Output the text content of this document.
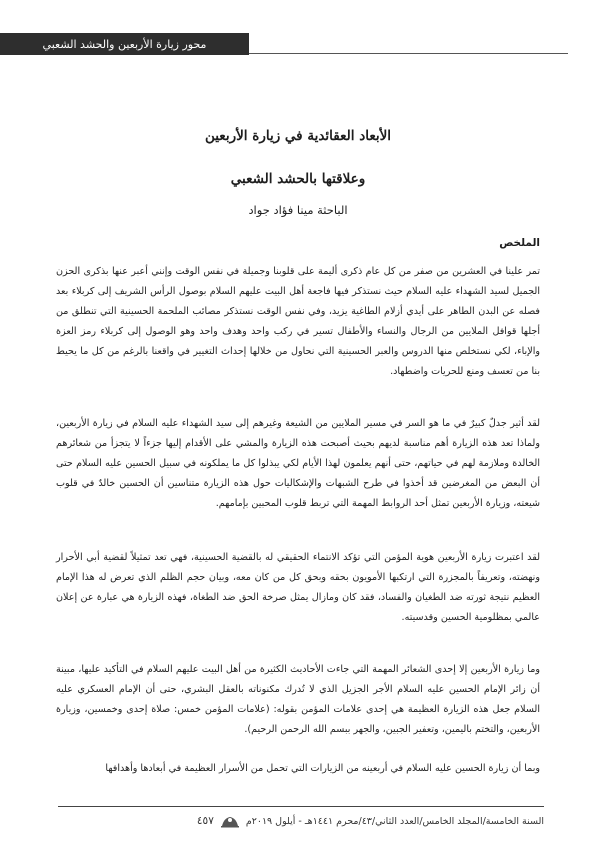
محور زيارة الأربعين والحشد الشعبي
الأبعاد العقائدية في زيارة الأربعين
وعلاقتها بالحشد الشعبي
الباحثة مينا فؤاد جواد
الملخص

تمر علينا في العشرين من صفر من كل عام ذكرى أليمة على قلوبنا وجميلة في نفس الوقت وإنني أعبر عنها بذكرى الحزن الجميل لسيد الشهداء عليه السلام حيث نستذكر فيها فاجعة أهل البيت عليهم السلام بوصول الرأس الشريف إلى كربلاء بعد فصله عن البدن الطاهر على أيدي أزلام الطاغية يزيد، وفي نفس الوقت نستذكر مصائب الملحمة الحسينية التي تنطلق من أجلها قوافل الملايين من الرجال والنساء والأطفال تسير في ركب واحد وهدف واحد وهو الوصول إلى كربلاء رمز العزة والإباء، لكي نستخلص منها الدروس والعبر الحسينية التي نحاول من خلالها إحداث التغيير في واقعنا بالرغم من كل ما يحيط بنا من تعسف ومنع للحريات واضطهاد.

لقد أثير جدلٌ كبيرٌ في ما هو السر في مسير الملايين من الشيعة وغيرهم إلى سيد الشهداء عليه السلام في زيارة الأربعين، ولماذا تعد هذه الزيارة أهم مناسبة لديهم بحيث أصبحت هذه الزيارة والمشي على الأقدام إليها جزءاً لا يتجزأ من شعائرهم الخالدة وملازمة لهم في حياتهم، حتى أنهم يعلمون لهذا الأيام لكي يبذلوا كل ما يملكونه في سبيل الحسين عليه السلام حتى أن البعض من المغرضين قد أخذوا في طرح الشبهات والإشكاليات حول هذه الزيارة متناسين أن الحسين خالدٌ في قلوب شيعته، وزيارة الأربعين تمثل أحد الروابط المهمة التي تربط قلوب المحبين بإمامهم.

لقد اعتبرت زيارة الأربعين هوية المؤمن التي تؤكد الانتماء الحقيقي له بالقضية الحسينية، فهي تعد تمثيلاً لقضية أبي الأحرار ونهضته، وتعريفاً بالمجزرة التي ارتكبها الأمويون بحقه وبحق كل من كان معه، وبيان حجم الظلم الذي تعرض له هذا الإمام العظيم نتيجة ثورته ضد الطغيان والفساد، فقد كان ومازال يمثل صرخة الحق ضد الطغاة، فهذه الزيارة هي عبارة عن إعلان عالمي بمظلومية الحسين وقدسيته.

وما زيارة الأربعين إلا إحدى الشعائر المهمة التي جاءت الأحاديث الكثيرة من أهل البيت عليهم السلام في التأكيد عليها، مبينة أن زائر الإمام الحسين عليه السلام الأجر الجزيل الذي لا تُدرك مكنوناته بالعقل البشري، حتى أن الإمام العسكري عليه السلام جعل هذه الزيارة العظيمة هي إحدى علامات المؤمن بقوله: (علامات المؤمن خمس: صلاة إحدى وخمسين، وزيارة الأربعين، والتختم باليمين، وتعفير الجبين، والجهر ببسم الله الرحمن الرحيم).

وبما أن زيارة الحسين عليه السلام في أربعينه من الزيارات التي تحمل من الأسرار العظيمة في أبعادها وأهدافها

السنة الخامسة/المجلد الخامس/العدد الثاني/٤٣/محرم ١٤٤١هـ - أيلول ٢٠١٩م
٤٥٧
